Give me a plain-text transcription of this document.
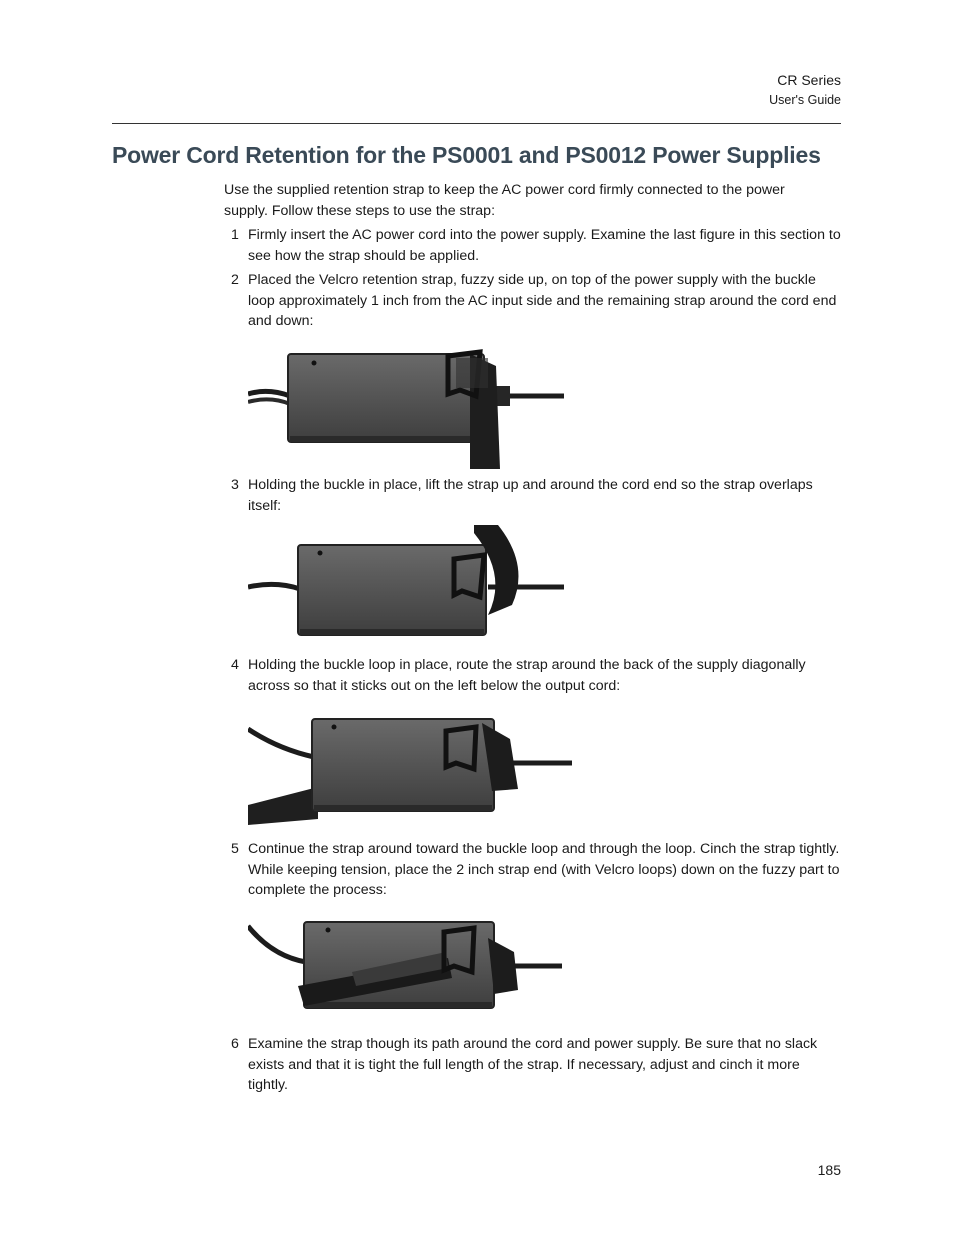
CR Series
User's Guide
Power Cord Retention for the PS0001 and PS0012 Power Supplies

Use the supplied retention strap to keep the AC power cord firmly connected to the power supply. Follow these steps to use the strap:

1 Firmly insert the AC power cord into the power supply. Examine the last figure in this section to see how the strap should be applied.

2 Placed the Velcro retention strap, fuzzy side up, on top of the power supply with the buckle loop approximately 1 inch from the AC input side and the remaining strap around the cord end and down:

3 Holding the buckle in place, lift the strap up and around the cord end so the strap overlaps itself:

4 Holding the buckle loop in place, route the strap around the back of the supply diagonally across so that it sticks out on the left below the output cord:

5 Continue the strap around toward the buckle loop and through the loop. Cinch the strap tightly. While keeping tension, place the 2 inch strap end (with Velcro loops) down on the fuzzy part to complete the process:

6 Examine the strap though its path around the cord and power supply. Be sure that no slack exists and that it is tight the full length of the strap. If necessary, adjust and cinch it more tightly.

185
